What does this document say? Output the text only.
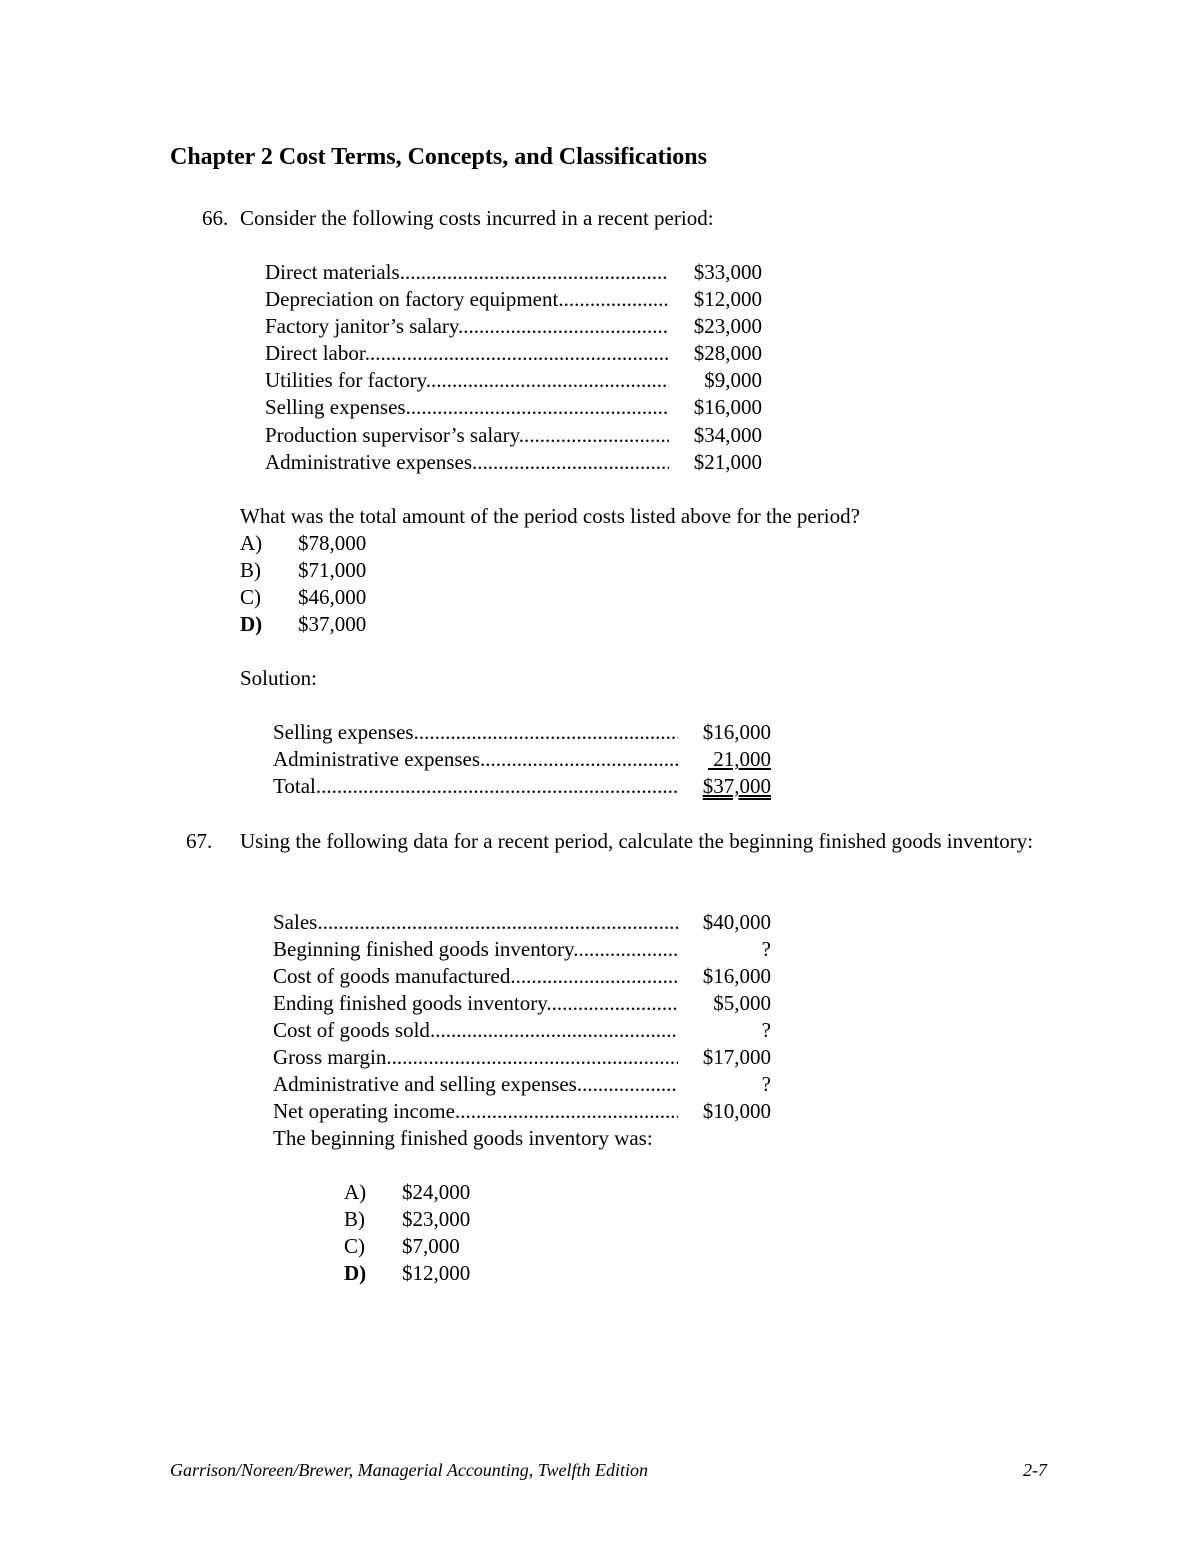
Chapter 2 Cost Terms, Concepts, and Classifications
66. Consider the following costs incurred in a recent period:
Direct materials .....	$33,000
Depreciation on factory equipment .....	$12,000
Factory janitor’s salary .....	$23,000
Direct labor .....	$28,000
Utilities for factory .....	$9,000
Selling expenses .....	$16,000
Production supervisor’s salary .....	$34,000
Administrative expenses .....	$21,000
What was the total amount of the period costs listed above for the period?
A) $78,000
B) $71,000
C) $46,000
D) $37,000
Solution:
Selling expenses .....	$16,000
Administrative expenses .....	21,000
Total .....	$37,000
67.	Using the following data for a recent period, calculate the beginning finished goods inventory:
Sales .....	$40,000
Beginning finished goods inventory .....	?
Cost of goods manufactured .....	$16,000
Ending finished goods inventory .....	$5,000
Cost of goods sold .....	?
Gross margin .....	$17,000
Administrative and selling expenses .....	?
Net operating income .....	$10,000
The beginning finished goods inventory was:
A) $24,000
B) $23,000
C) $7,000
D) $12,000
Garrison/Noreen/Brewer, Managerial Accounting, Twelfth Edition	2-7
